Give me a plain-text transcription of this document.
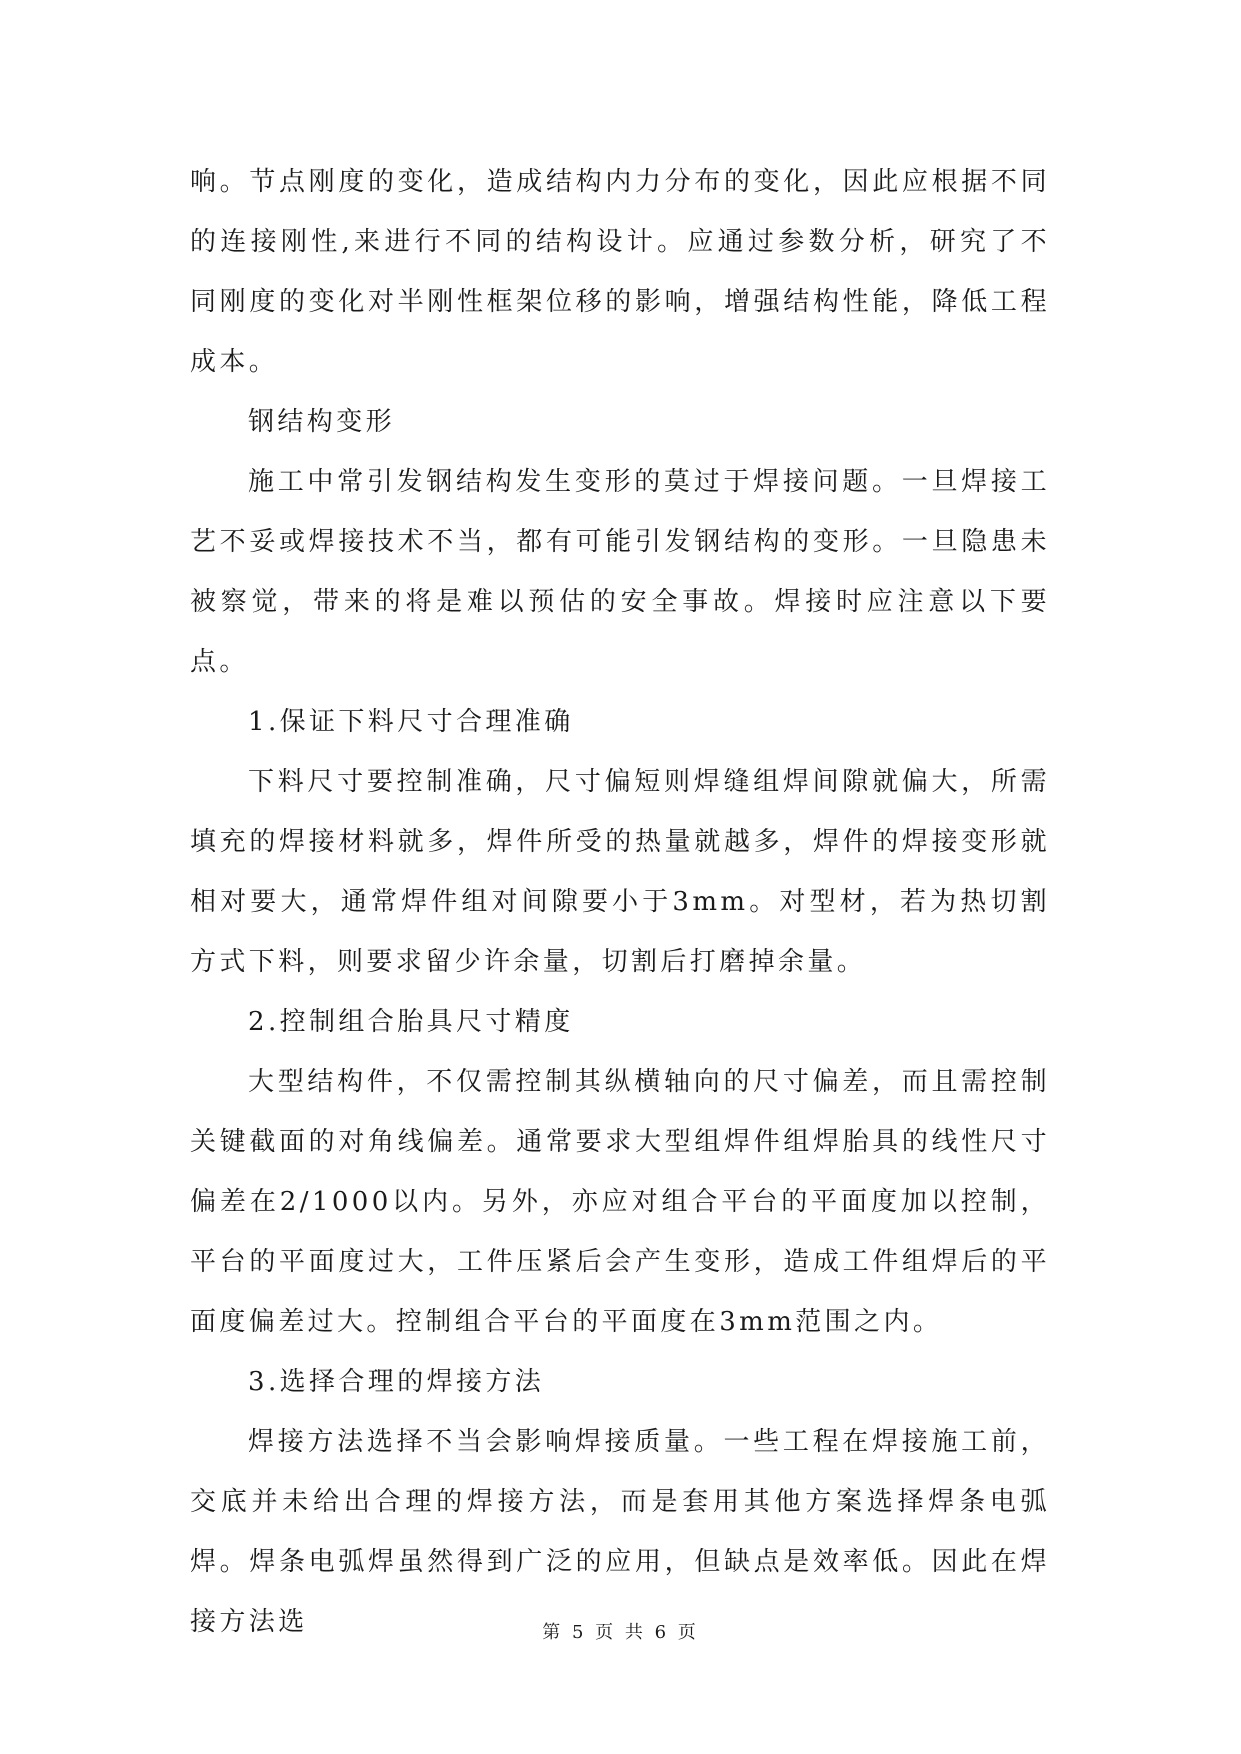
响。节点刚度的变化，造成结构内力分布的变化，因此应根据不同的连接刚性,来进行不同的结构设计。应通过参数分析，研究了不同刚度的变化对半刚性框架位移的影响，增强结构性能，降低工程成本。

钢结构变形

施工中常引发钢结构发生变形的莫过于焊接问题。一旦焊接工艺不妥或焊接技术不当，都有可能引发钢结构的变形。一旦隐患未被察觉，带来的将是难以预估的安全事故。焊接时应注意以下要点。

1.保证下料尺寸合理准确

下料尺寸要控制准确，尺寸偏短则焊缝组焊间隙就偏大，所需填充的焊接材料就多，焊件所受的热量就越多，焊件的焊接变形就相对要大，通常焊件组对间隙要小于3mm。对型材，若为热切割方式下料，则要求留少许余量，切割后打磨掉余量。

2.控制组合胎具尺寸精度

大型结构件，不仅需控制其纵横轴向的尺寸偏差，而且需控制关键截面的对角线偏差。通常要求大型组焊件组焊胎具的线性尺寸偏差在2/1000以内。另外，亦应对组合平台的平面度加以控制，平台的平面度过大，工件压紧后会产生变形，造成工件组焊后的平面度偏差过大。控制组合平台的平面度在3mm范围之内。

3.选择合理的焊接方法

焊接方法选择不当会影响焊接质量。一些工程在焊接施工前，交底并未给出合理的焊接方法，而是套用其他方案选择焊条电弧焊。焊条电弧焊虽然得到广泛的应用，但缺点是效率低。因此在焊接方法选	第 5 页 共 6 页
